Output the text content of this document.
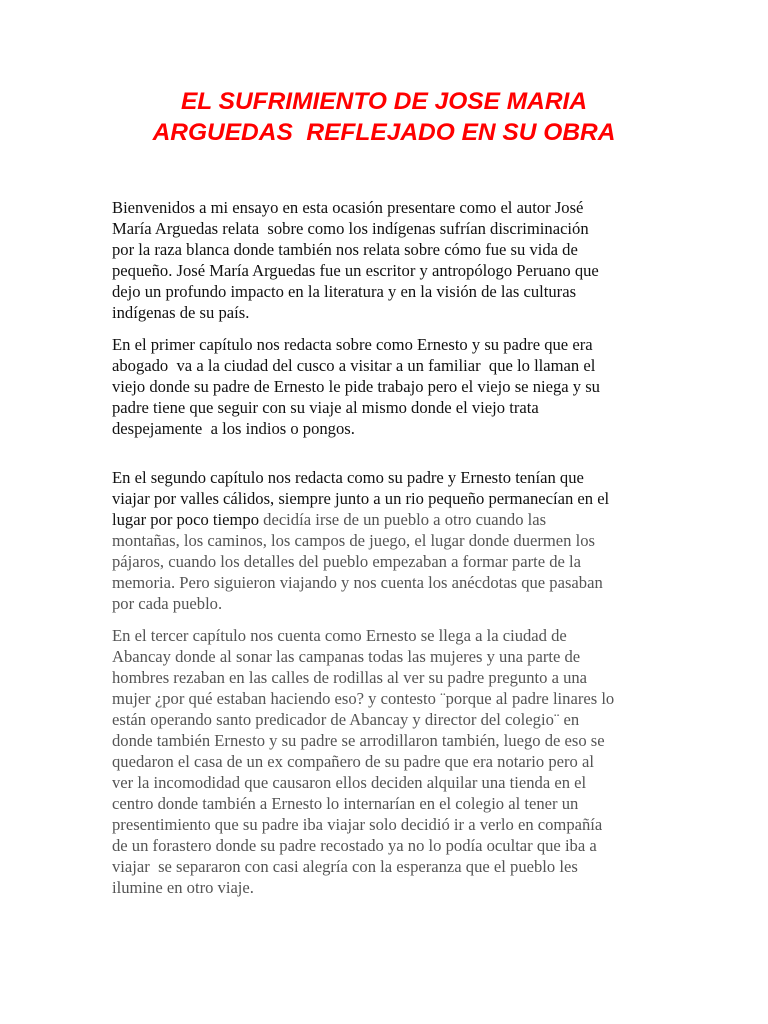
EL SUFRIMIENTO DE JOSE MARIA
ARGUEDAS  REFLEJADO EN SU OBRA

Bienvenidos a mi ensayo en esta ocasión presentare como el autor José
María Arguedas relata  sobre como los indígenas sufrían discriminación
por la raza blanca donde también nos relata sobre cómo fue su vida de
pequeño. José María Arguedas fue un escritor y antropólogo Peruano que
dejo un profundo impacto en la literatura y en la visión de las culturas
indígenas de su país.

En el primer capítulo nos redacta sobre como Ernesto y su padre que era
abogado  va a la ciudad del cusco a visitar a un familiar  que lo llaman el
viejo donde su padre de Ernesto le pide trabajo pero el viejo se niega y su
padre tiene que seguir con su viaje al mismo donde el viejo trata
despejamente  a los indios o pongos.

En el segundo capítulo nos redacta como su padre y Ernesto tenían que
viajar por valles cálidos, siempre junto a un rio pequeño permanecían en el
lugar por poco tiempo decidía irse de un pueblo a otro cuando las
montañas, los caminos, los campos de juego, el lugar donde duermen los
pájaros, cuando los detalles del pueblo empezaban a formar parte de la
memoria. Pero siguieron viajando y nos cuenta los anécdotas que pasaban
por cada pueblo.

En el tercer capítulo nos cuenta como Ernesto se llega a la ciudad de
Abancay donde al sonar las campanas todas las mujeres y una parte de
hombres rezaban en las calles de rodillas al ver su padre pregunto a una
mujer ¿por qué estaban haciendo eso? y contesto ¨porque al padre linares lo
están operando santo predicador de Abancay y director del colegio¨ en
donde también Ernesto y su padre se arrodillaron también, luego de eso se
quedaron el casa de un ex compañero de su padre que era notario pero al
ver la incomodidad que causaron ellos deciden alquilar una tienda en el
centro donde también a Ernesto lo internarían en el colegio al tener un
presentimiento que su padre iba viajar solo decidió ir a verlo en compañía
de un forastero donde su padre recostado ya no lo podía ocultar que iba a
viajar  se separaron con casi alegría con la esperanza que el pueblo les
ilumine en otro viaje.
